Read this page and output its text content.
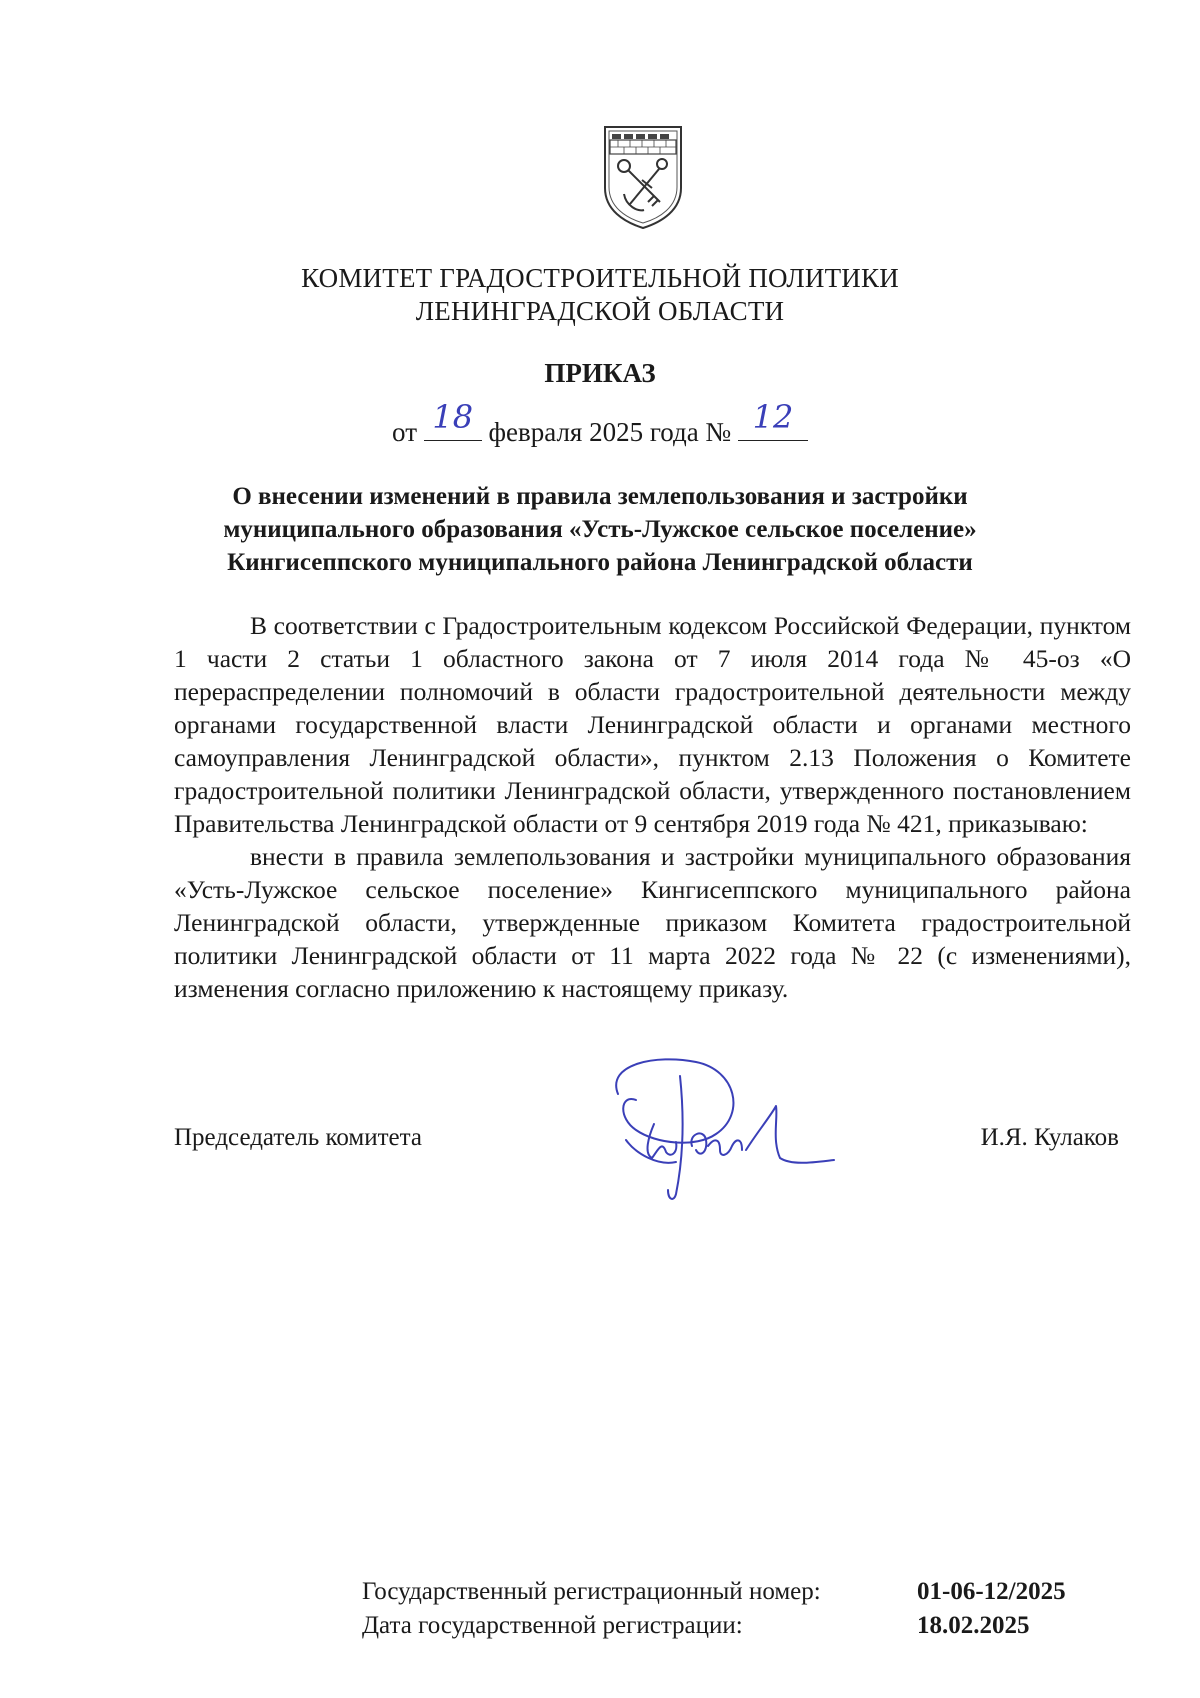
КОМИТЕТ ГРАДОСТРОИТЕЛЬНОЙ ПОЛИТИКИ
ЛЕНИНГРАДСКОЙ ОБЛАСТИ
ПРИКАЗ
от 18 февраля 2025 года № 12
О внесении изменений в правила землепользования и застройки
муниципального образования «Усть-Лужское сельское поселение»
Кингисеппского муниципального района Ленинградской области

В соответствии с Градостроительным кодексом Российской Федерации, пунктом 1 части 2 статьи 1 областного закона от 7 июля 2014 года № 45-оз «О перераспределении полномочий в области градостроительной деятельности между органами государственной власти Ленинградской области и органами местного самоуправления Ленинградской области», пунктом 2.13 Положения о Комитете градостроительной политики Ленинградской области, утвержденного постановлением Правительства Ленинградской области от 9 сентября 2019 года № 421, приказываю:

внести в правила землепользования и застройки муниципального образования «Усть-Лужское сельское поселение» Кингисеппского муниципального района Ленинградской области, утвержденные приказом Комитета градостроительной политики Ленинградской области от 11 марта 2022 года № 22 (с изменениями), изменения согласно приложению к настоящему приказу.

Председатель комитета	И.Я. Кулаков
Государственный регистрационный номер:	01-06-12/2025
Дата государственной регистрации:	18.02.2025
